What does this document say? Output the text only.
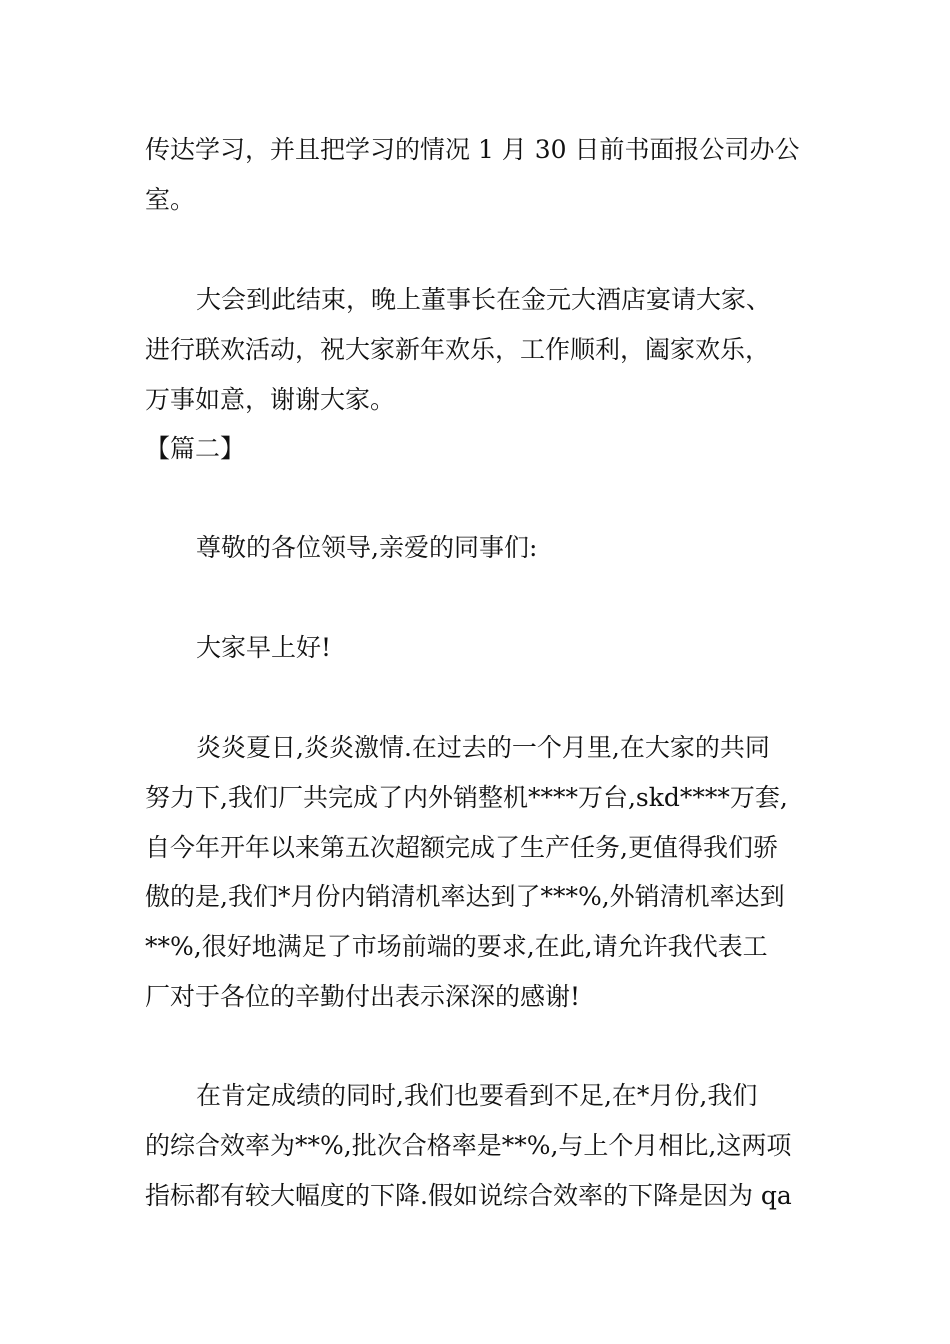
传达学习，并且把学习的情况 1 月 30 日前书面报公司办公

室。

大会到此结束，晚上董事长在金元大酒店宴请大家、

进行联欢活动，祝大家新年欢乐，工作顺利，阖家欢乐，

万事如意，谢谢大家。

【篇二】

尊敬的各位领导,亲爱的同事们:

大家早上好!

炎炎夏日,炎炎激情.在过去的一个月里,在大家的共同

努力下,我们厂共完成了内外销整机****万台,skd****万套,

自今年开年以来第五次超额完成了生产任务,更值得我们骄

傲的是,我们*月份内销清机率达到了***%,外销清机率达到

**%,很好地满足了市场前端的要求,在此,请允许我代表工

厂对于各位的辛勤付出表示深深的感谢!

在肯定成绩的同时,我们也要看到不足,在*月份,我们

的综合效率为**%,批次合格率是**%,与上个月相比,这两项

指标都有较大幅度的下降.假如说综合效率的下降是因为 qa
